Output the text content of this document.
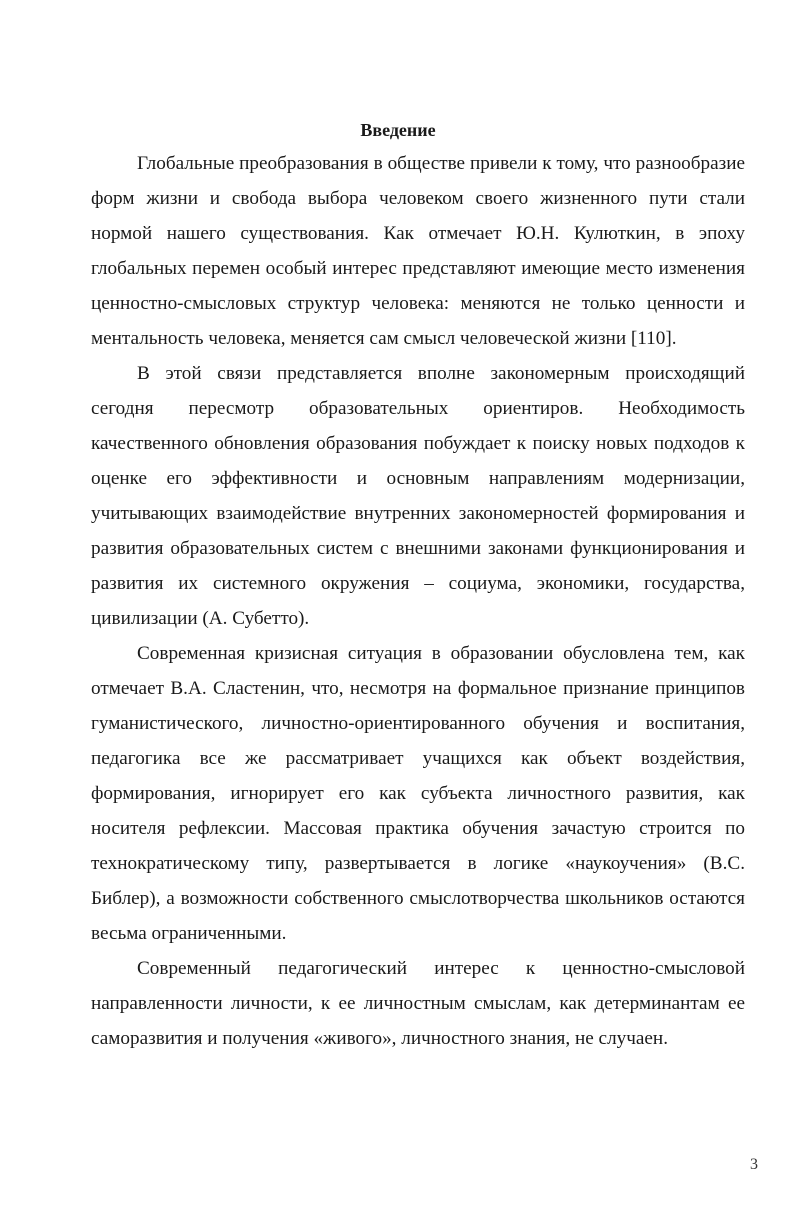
Введение

Глобальные преобразования в обществе привели к тому, что разнообразие форм жизни и свобода выбора человеком своего жизненного пути стали нормой нашего существования. Как отмечает Ю.Н. Кулюткин, в эпоху глобальных перемен особый интерес представляют имеющие место изменения ценностно-смысловых структур человека: меняются не только ценности и ментальность человека, меняется сам смысл человеческой жизни [110].

В этой связи представляется вполне закономерным происходящий сегодня пересмотр образовательных ориентиров. Необходимость качественного обновления образования побуждает к поиску новых подходов к оценке его эффективности и основным направлениям модернизации, учитывающих взаимодействие внутренних закономерностей формирования и развития образовательных систем с внешними законами функционирования и развития их системного окружения – социума, экономики, государства, цивилизации (А. Субетто).

Современная кризисная ситуация в образовании обусловлена тем, как отмечает В.А. Сластенин, что, несмотря на формальное признание принципов гуманистического, личностно-ориентированного обучения и воспитания, педагогика все же рассматривает учащихся как объект воздействия, формирования, игнорирует его как субъекта личностного развития, как носителя рефлексии. Массовая практика обучения зачастую строится по технократическому типу, развертывается в логике «наукоучения» (В.С. Библер), а возможности собственного смыслотворчества школьников остаются весьма ограниченными.

Современный педагогический интерес к ценностно-смысловой направленности личности, к ее личностным смыслам, как детерминантам ее саморазвития и получения «живого», личностного знания, не случаен.

3
